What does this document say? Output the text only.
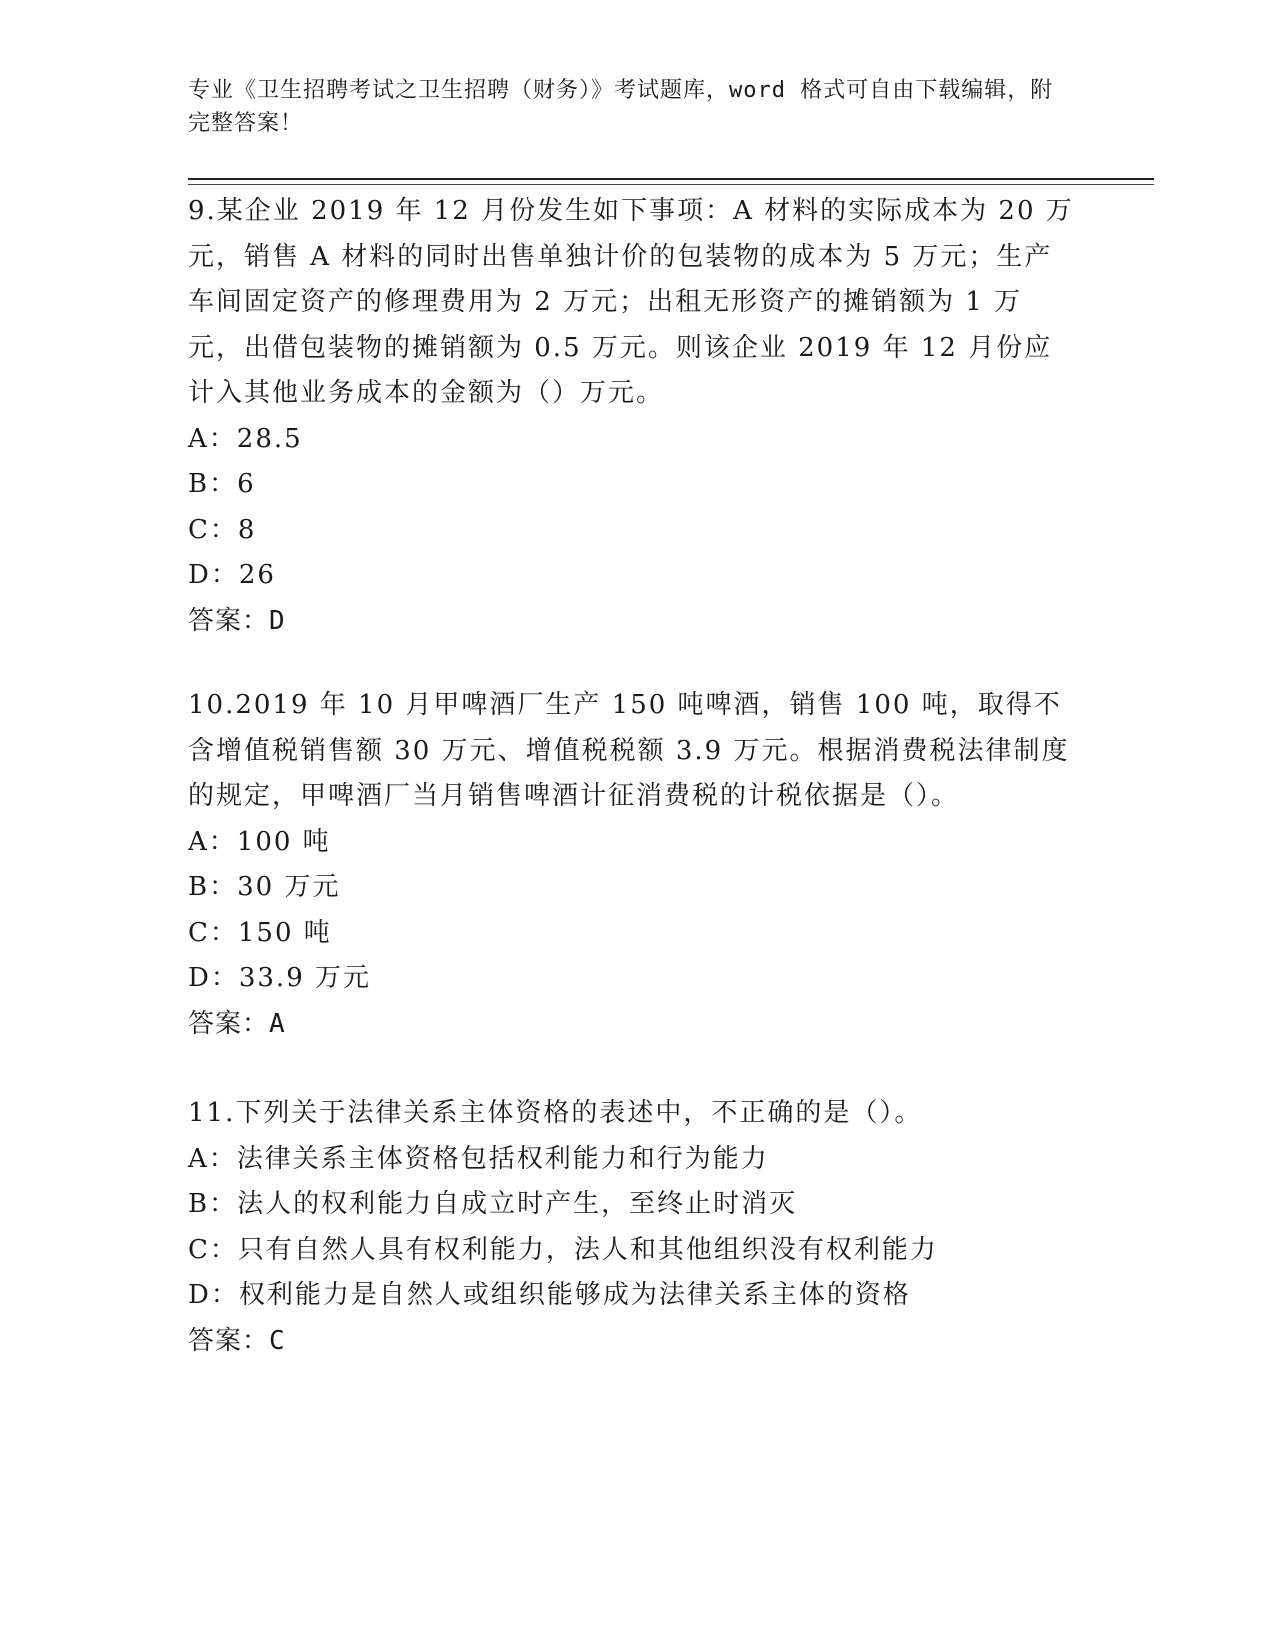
专业《卫生招聘考试之卫生招聘（财务）》考试题库，word 格式可自由下载编辑，附完整答案！
9.某企业 2019 年 12 月份发生如下事项：A 材料的实际成本为 20 万元，销售 A 材料的同时出售单独计价的包装物的成本为 5 万元；生产车间固定资产的修理费用为 2 万元；出租无形资产的摊销额为 1 万元，出借包装物的摊销额为 0.5 万元。则该企业 2019 年 12 月份应计入其他业务成本的金额为（）万元。
A：28.5
B：6
C：8
D：26
答案：D
10.2019 年 10 月甲啤酒厂生产 150 吨啤酒，销售 100 吨，取得不含增值税销售额 30 万元、增值税税额 3.9 万元。根据消费税法律制度的规定，甲啤酒厂当月销售啤酒计征消费税的计税依据是（）。
A：100 吨
B：30 万元
C：150 吨
D：33.9 万元
答案：A
11.下列关于法律关系主体资格的表述中，不正确的是（）。
A：法律关系主体资格包括权利能力和行为能力
B：法人的权利能力自成立时产生，至终止时消灭
C：只有自然人具有权利能力，法人和其他组织没有权利能力
D：权利能力是自然人或组织能够成为法律关系主体的资格
答案：C
